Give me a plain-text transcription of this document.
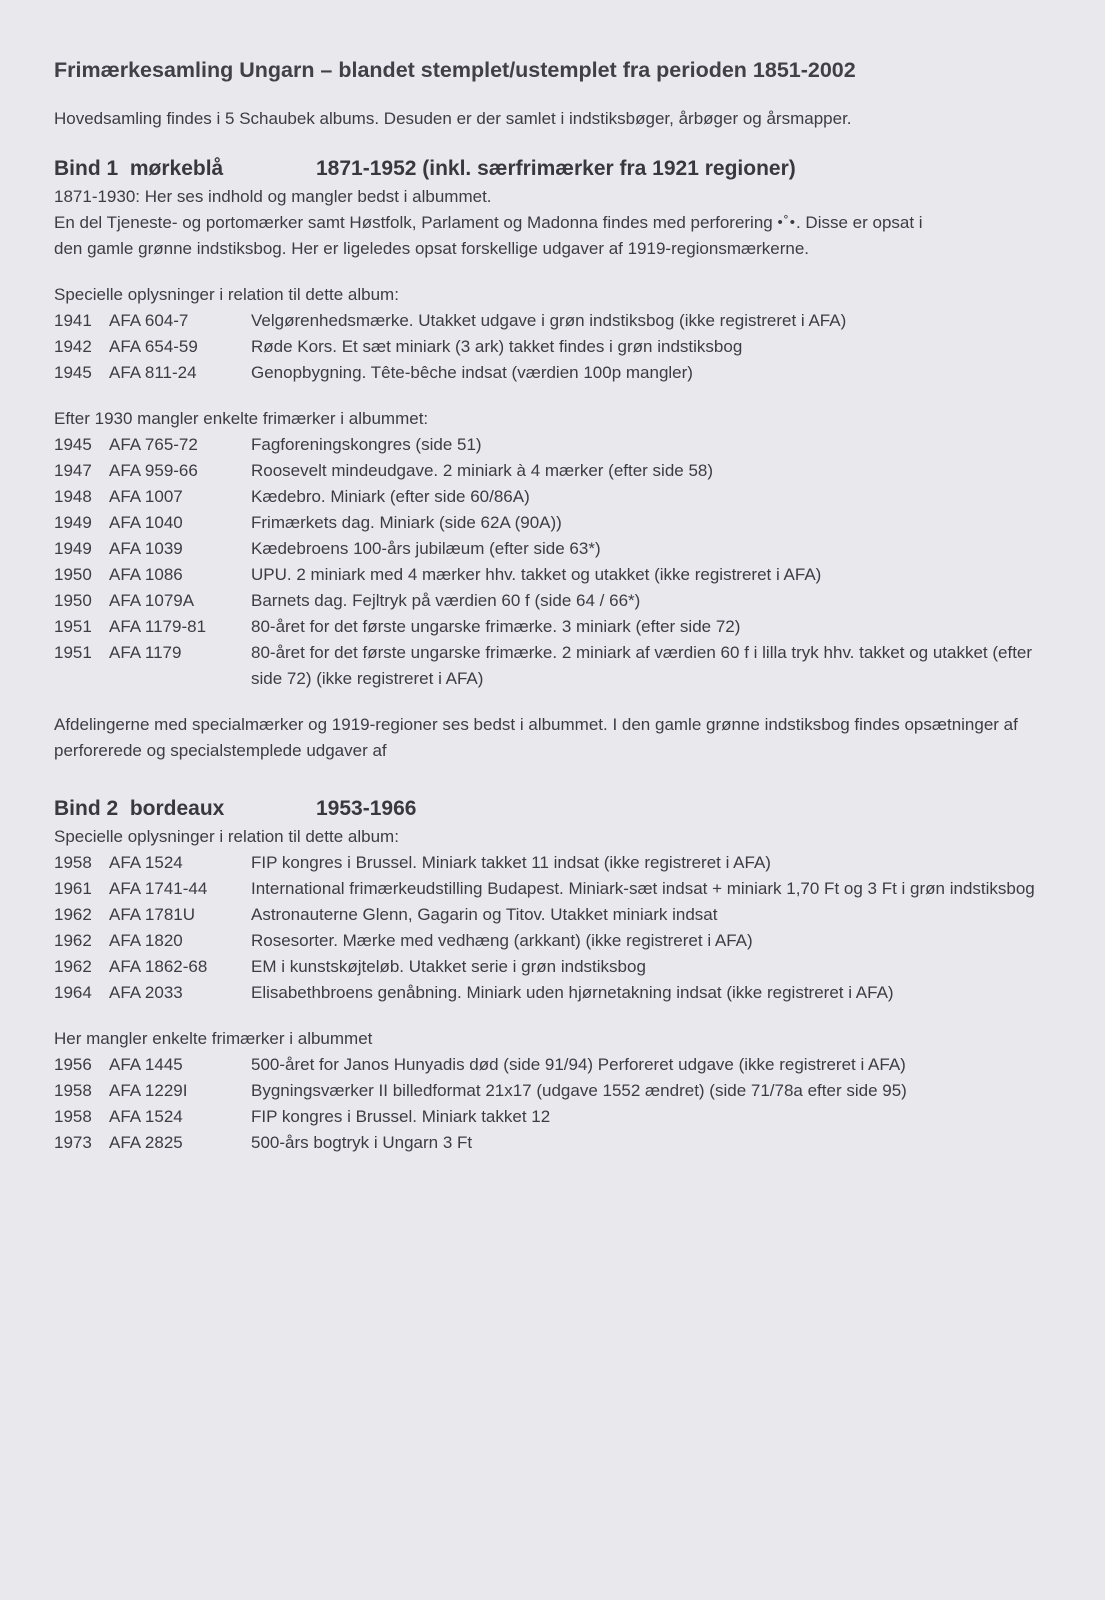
Frimærkesamling Ungarn – blandet stemplet/ustemplet fra perioden 1851-2002

Hovedsamling findes i 5 Schaubek albums. Desuden er der samlet i indstiksbøger, årbøger og årsmapper.

Bind 1  mørkeblå	1871-1952 (inkl. særfrimærker fra 1921 regioner)

1871-1930: Her ses indhold og mangler bedst i albummet.

En del Tjeneste- og portomærker samt Høstfolk, Parlament og Madonna findes med perforering •˚•. Disse er opsat i

den gamle grønne indstiksbog. Her er ligeledes opsat forskellige udgaver af 1919-regionsmærkerne.

Specielle oplysninger i relation til dette album:

1941	AFA 604-7	Velgørenhedsmærke. Utakket udgave i grøn indstiksbog (ikke registreret i AFA)
1942	AFA 654-59	Røde Kors. Et sæt miniark (3 ark) takket findes i grøn indstiksbog
1945	AFA 811-24	Genopbygning. Tête-bêche indsat (værdien 100p mangler)

Efter 1930 mangler enkelte frimærker i albummet:

1945	AFA 765-72	Fagforeningskongres (side 51)
1947	AFA 959-66	Roosevelt mindeudgave. 2 miniark à 4 mærker (efter side 58)
1948	AFA 1007	Kædebro. Miniark (efter side 60/86A)
1949	AFA 1040	Frimærkets dag. Miniark (side 62A (90A))
1949	AFA 1039	Kædebroens 100-års jubilæum (efter side 63*)
1950	AFA 1086	UPU. 2 miniark med 4 mærker hhv. takket og utakket (ikke registreret i AFA)
1950	AFA 1079A	Barnets dag. Fejltryk på værdien 60 f (side 64 / 66*)
1951	AFA 1179-81	80-året for det første ungarske frimærke. 3 miniark (efter side 72)
1951	AFA 1179	80-året for det første ungarske frimærke. 2 miniark af værdien 60 f i lilla tryk hhv. takket og utakket (efter side 72) (ikke registreret i AFA)

Afdelingerne med specialmærker og 1919-regioner ses bedst i albummet. I den gamle grønne indstiksbog findes opsætninger af perforerede og specialstemplede udgaver af

Bind 2  bordeaux	1953-1966

Specielle oplysninger i relation til dette album:

1958	AFA 1524	FIP kongres i Brussel. Miniark takket 11 indsat (ikke registreret i AFA)
1961	AFA 1741-44	International frimærkeudstilling Budapest. Miniark-sæt indsat + miniark 1,70 Ft og 3 Ft i grøn indstiksbog
1962	AFA 1781U	Astronauterne Glenn, Gagarin og Titov. Utakket miniark indsat
1962	AFA 1820	Rosesorter. Mærke med vedhæng (arkkant) (ikke registreret i AFA)
1962	AFA 1862-68	EM i kunstskøjteløb. Utakket serie i grøn indstiksbog
1964	AFA 2033	Elisabethbroens genåbning. Miniark uden hjørnetakning indsat (ikke registreret i AFA)

Her mangler enkelte frimærker i albummet

1956	AFA 1445	500-året for Janos Hunyadis død (side 91/94) Perforeret udgave (ikke registreret i AFA)
1958	AFA 1229I	Bygningsværker II billedformat 21x17 (udgave 1552 ændret) (side 71/78a efter side 95)
1958	AFA 1524	FIP kongres i Brussel. Miniark takket 12
1973	AFA 2825	500-års bogtryk i Ungarn 3 Ft
